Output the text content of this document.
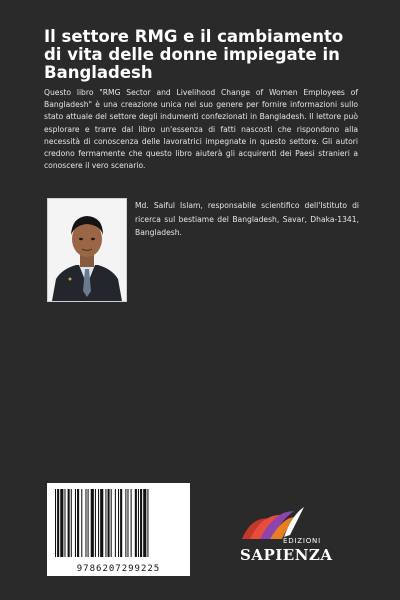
Il settore RMG e il cambiamento di vita delle donne impiegate in Bangladesh

Questo libro "RMG Sector and Livelihood Change of Women Employees of Bangladesh" è una creazione unica nel suo genere per fornire informazioni sullo stato attuale del settore degli indumenti confezionati in Bangladesh. Il lettore può esplorare e trarre dal libro un'essenza di fatti nascosti che rispondono alla necessità di conoscenza delle lavoratrici impegnate in questo settore. Gli autori credono fermamente che questo libro aiuterà gli acquirenti dei Paesi stranieri a conoscere il vero scenario.

Md. Saiful Islam, responsabile scientifico dell'Istituto di ricerca sul bestiame del Bangladesh, Savar, Dhaka-1341, Bangladesh.

9786207299225
EDIZIONI
SAPIENZA
